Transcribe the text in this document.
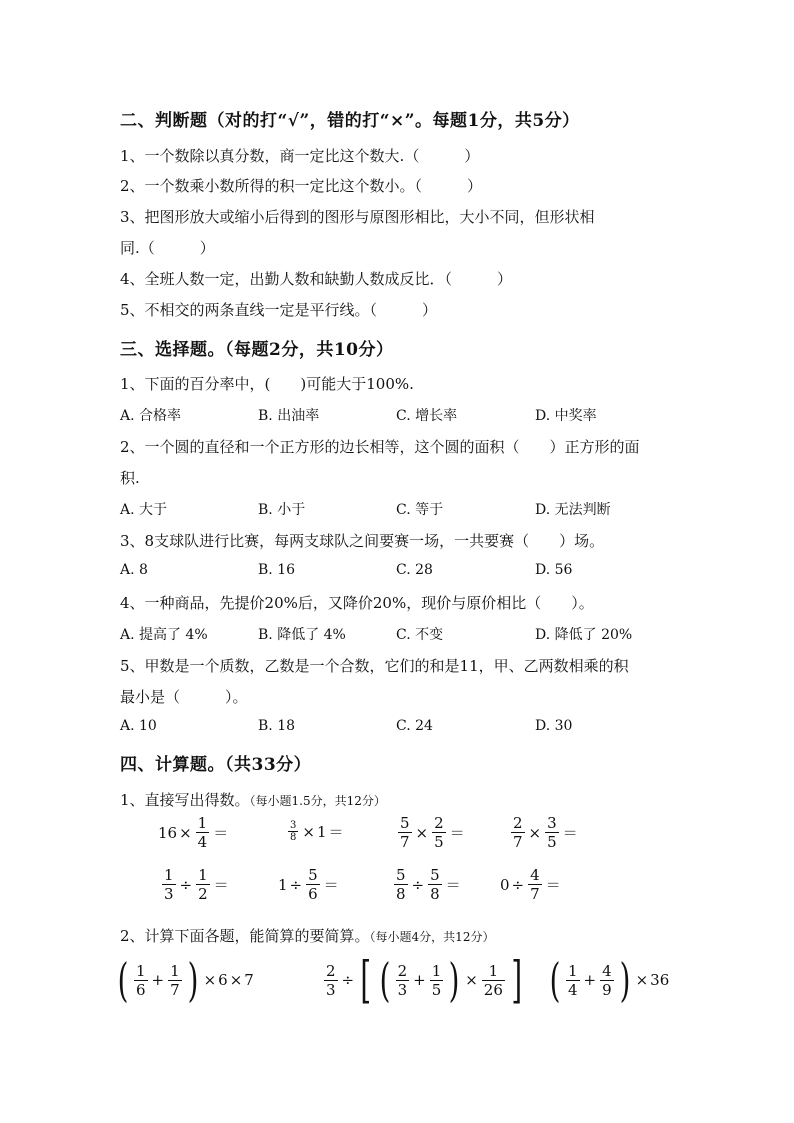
二、判断题（对的打“√”，错的打“×”。每题1分，共5分）
1、一个数除以真分数，商一定比这个数大.（　　　）
2、一个数乘小数所得的积一定比这个数小。（　　　）
3、把图形放大或缩小后得到的图形与原图形相比，大小不同，但形状相
同.（　　　）
4、全班人数一定，出勤人数和缺勤人数成反比．（　　　）
5、不相交的两条直线一定是平行线。（　　　）
三、选择题。（每题2分，共10分）
1、下面的百分率中，(　　)可能大于100%.
A. 合格率	B. 出油率	C. 增长率	D. 中奖率
2、一个圆的直径和一个正方形的边长相等，这个圆的面积（　　）正方形的面
积.
A. 大于	B. 小于	C. 等于	D. 无法判断
3、8支球队进行比赛，每两支球队之间要赛一场，一共要赛（　　）场。
A. 8	B. 16	C. 28	D. 56
4、一种商品，先提价20%后，又降价20%，现价与原价相比（　　）。
A. 提高了 4%	B. 降低了 4%	C. 不变	D. 降低了 20%
5、甲数是一个质数，乙数是一个合数，它们的和是11，甲、乙两数相乘的积
最小是（　　　）。
A. 10	B. 18	C. 24	D. 30
四、计算题。（共33分）
1、直接写出得数。（每小题1.5分，共12分）
$16 \times \frac{1}{4}$ ＝	$\frac{3}{8} \times 1$ ＝	$\frac{5}{7} \times \frac{2}{5}$ ＝	$\frac{2}{7} \times \frac{3}{5}$ ＝
$\frac{1}{3} \div \frac{1}{2}$ ＝	$1 \div \frac{5}{6}$ ＝	$\frac{5}{8} \div \frac{5}{8}$ ＝	$0 \div \frac{4}{7}$ ＝
2、计算下面各题，能简算的要简算。（每小题4分，共12分）
( $\frac{1}{6} + \frac{1}{7}$ ) × 6 × 7	$\frac{2}{3}$ ÷ [ ( $\frac{2}{3} + \frac{1}{5}$ ) × $\frac{1}{26}$ ] ( $\frac{1}{4} + \frac{4}{9}$ ) × 36
